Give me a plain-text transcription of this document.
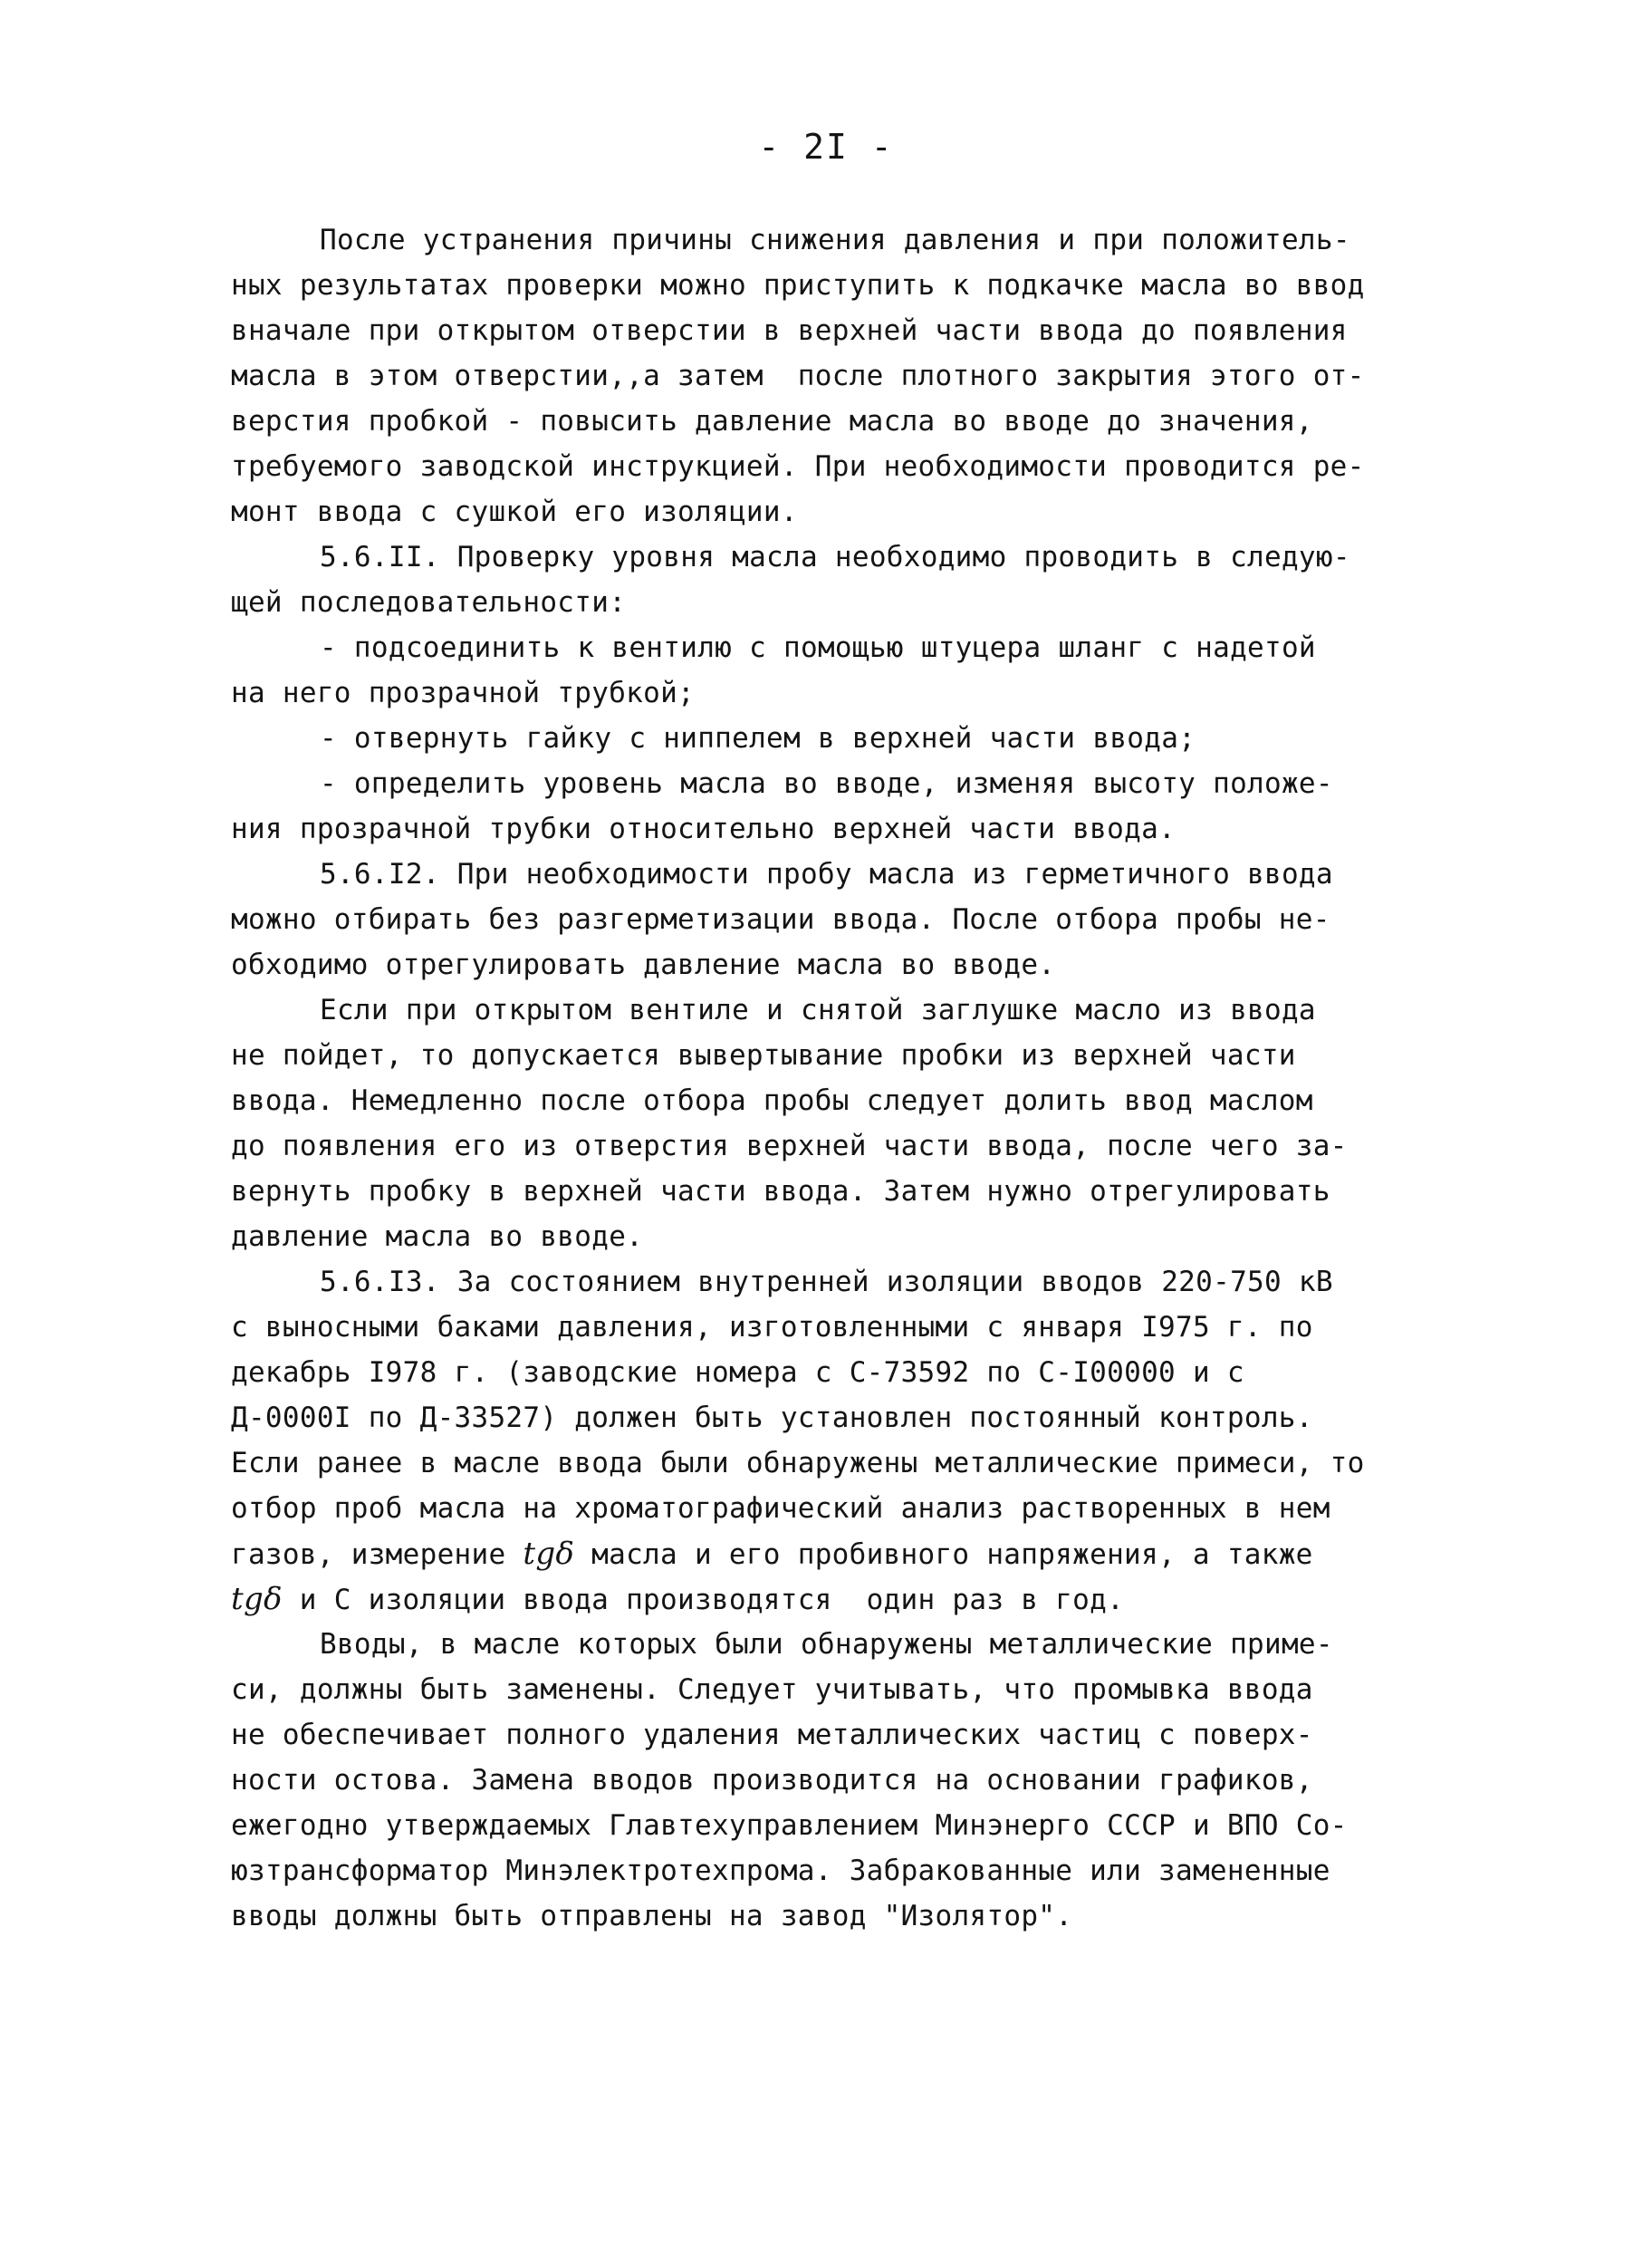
- 2I -
После устранения причины снижения давления и при положитель-
ных результатах проверки можно приступить к подкачке масла во ввод
вначале при открытом отверстии в верхней части ввода до появления
масла в этом отверстии,,а затем  после плотного закрытия этого от-
верстия пробкой - повысить давление масла во вводе до значения,
требуемого заводской инструкцией. При необходимости проводится ре-
монт ввода с сушкой его изоляции.
5.6.II. Проверку уровня масла необходимо проводить в следую-
щей последовательности:
- подсоединить к вентилю с помощью штуцера шланг с надетой
на него прозрачной трубкой;
- отвернуть гайку с ниппелем в верхней части ввода;
- определить уровень масла во вводе, изменяя высоту положе-
ния прозрачной трубки относительно верхней части ввода.
5.6.I2. При необходимости пробу масла из герметичного ввода
можно отбирать без разгерметизации ввода. После отбора пробы не-
обходимо отрегулировать давление масла во вводе.
Если при открытом вентиле и снятой заглушке масло из ввода
не пойдет, то допускается вывертывание пробки из верхней части
ввода. Немедленно после отбора пробы следует долить ввод маслом
до появления его из отверстия верхней части ввода, после чего за-
вернуть пробку в верхней части ввода. Затем нужно отрегулировать
давление масла во вводе.
5.6.I3. За состоянием внутренней изоляции вводов 220-750 кВ
с выносными баками давления, изготовленными с января I975 г. по
декабрь I978 г. (заводские номера с С-73592 по С-I00000 и с
Д-0000I по Д-33527) должен быть установлен постоянный контроль.
Если ранее в масле ввода были обнаружены металлические примеси, то
отбор проб масла на хроматографический анализ растворенных в нем
газов, измерение tgδ масла и его пробивного напряжения, а также
tgδ и С изоляции ввода производятся  один раз в год.
Вводы, в масле которых были обнаружены металлические приме-
си, должны быть заменены. Следует учитывать, что промывка ввода
не обеспечивает полного удаления металлических частиц с поверх-
ности остова. Замена вводов производится на основании графиков,
ежегодно утверждаемых Главтехуправлением Минэнерго СССР и ВПО Со-
юзтрансформатор Минэлектротехпрома. Забракованные или замененные
вводы должны быть отправлены на завод "Изолятор".
